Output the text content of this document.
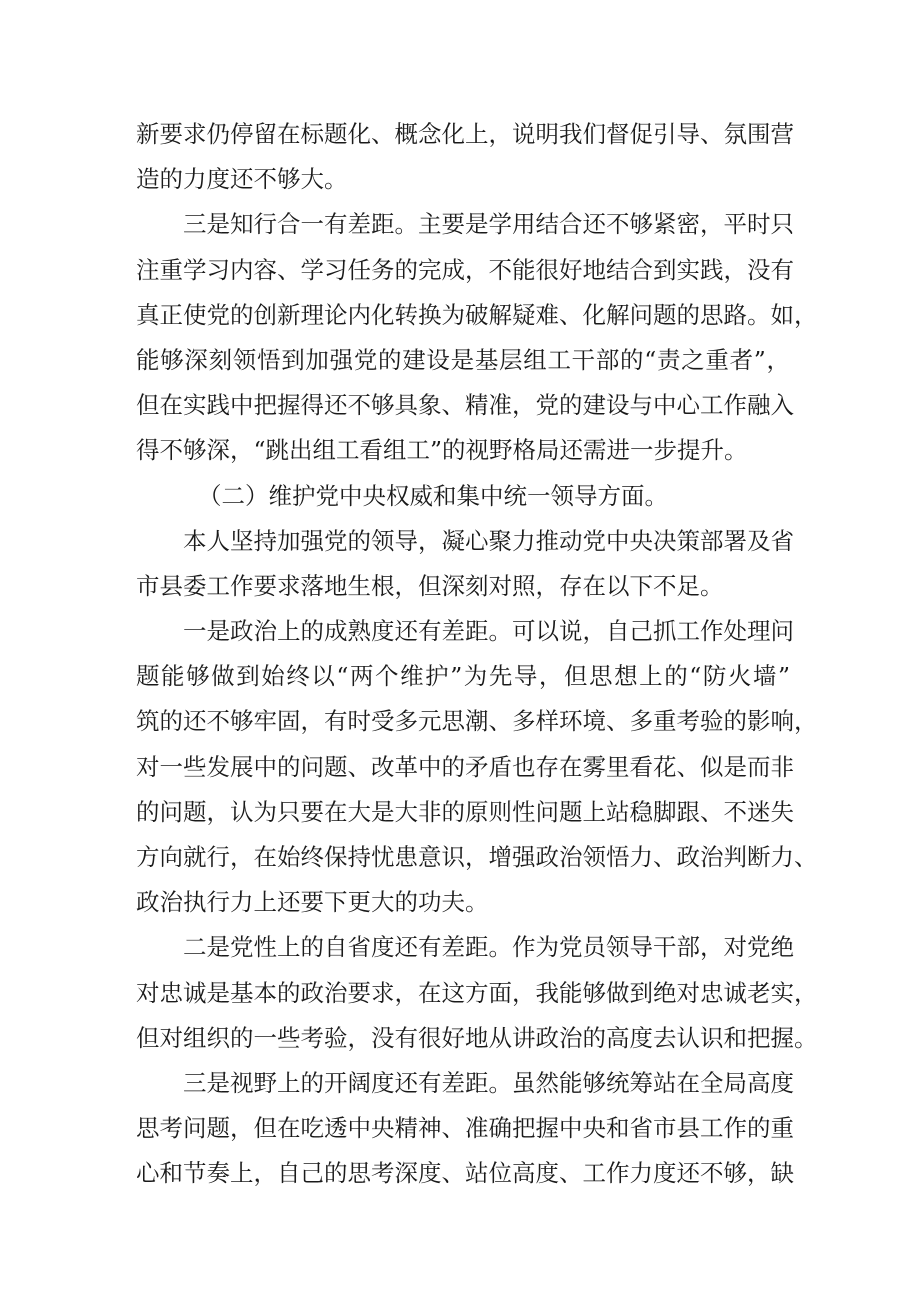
新要求仍停留在标题化、概念化上，说明我们督促引导、氛围营
造的力度还不够大。
三是知行合一有差距。主要是学用结合还不够紧密，平时只
注重学习内容、学习任务的完成，不能很好地结合到实践，没有
真正使党的创新理论内化转换为破解疑难、化解问题的思路。如，
能够深刻领悟到加强党的建设是基层组工干部的“责之重者”，
但在实践中把握得还不够具象、精准，党的建设与中心工作融入
得不够深，“跳出组工看组工”的视野格局还需进一步提升。
（二）维护党中央权威和集中统一领导方面。
本人坚持加强党的领导，凝心聚力推动党中央决策部署及省
市县委工作要求落地生根，但深刻对照，存在以下不足。
一是政治上的成熟度还有差距。可以说，自己抓工作处理问
题能够做到始终以“两个维护”为先导，但思想上的“防火墙”
筑的还不够牢固，有时受多元思潮、多样环境、多重考验的影响，
对一些发展中的问题、改革中的矛盾也存在雾里看花、似是而非
的问题，认为只要在大是大非的原则性问题上站稳脚跟、不迷失
方向就行，在始终保持忧患意识，增强政治领悟力、政治判断力、
政治执行力上还要下更大的功夫。
二是党性上的自省度还有差距。作为党员领导干部，对党绝
对忠诚是基本的政治要求，在这方面，我能够做到绝对忠诚老实，
但对组织的一些考验，没有很好地从讲政治的高度去认识和把握。
三是视野上的开阔度还有差距。虽然能够统筹站在全局高度
思考问题，但在吃透中央精神、准确把握中央和省市县工作的重
心和节奏上，自己的思考深度、站位高度、工作力度还不够，缺
